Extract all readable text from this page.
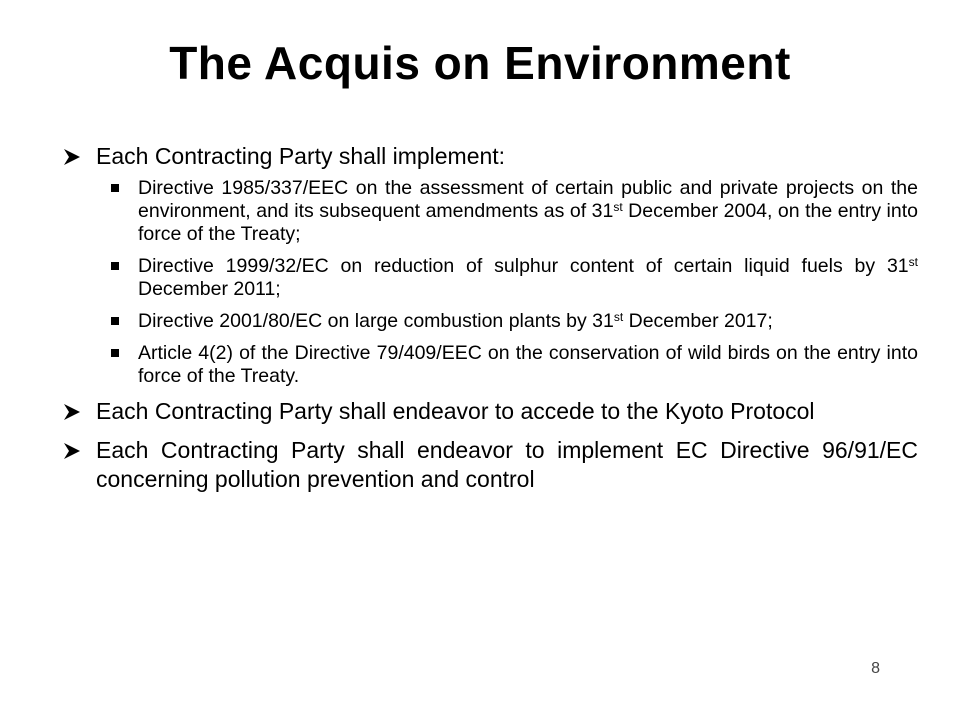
The Acquis on Environment
Each Contracting Party shall implement:
Directive 1985/337/EEC on the assessment of certain public and private projects on the environment, and its subsequent amendments as of 31st December 2004, on the entry into force of the Treaty;
Directive 1999/32/EC on reduction of sulphur content of certain liquid fuels by 31st December 2011;
Directive 2001/80/EC on large combustion plants by 31st December 2017;
Article 4(2) of the Directive 79/409/EEC on the conservation of wild birds on the entry into force of the Treaty.
Each Contracting Party shall endeavor to accede to the Kyoto Protocol
Each Contracting Party shall endeavor to implement EC Directive 96/91/EC concerning pollution prevention and control
8
